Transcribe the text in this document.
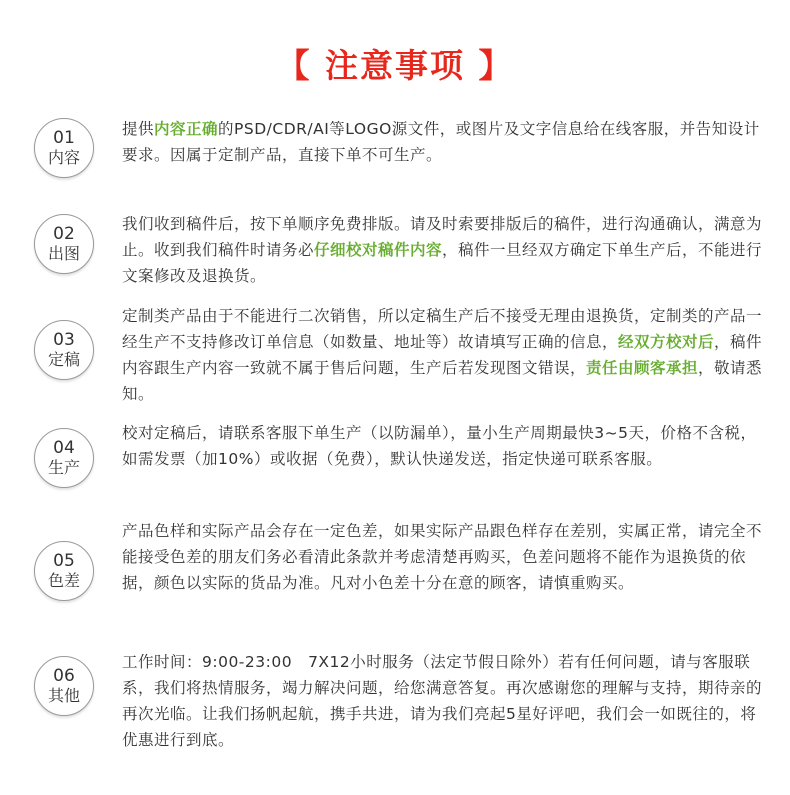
【 注意事项 】
01
内容
提供内容正确的PSD/CDR/AI等LOGO源文件，或图片及文字信息给在线客服，并告知设计要求。因属于定制产品，直接下单不可生产。
02
出图
我们收到稿件后，按下单顺序免费排版。请及时索要排版后的稿件，进行沟通确认，满意为止。收到我们稿件时请务必仔细校对稿件内容，稿件一旦经双方确定下单生产后，不能进行文案修改及退换货。
03
定稿
定制类产品由于不能进行二次销售，所以定稿生产后不接受无理由退换货，定制类的产品一经生产不支持修改订单信息（如数量、地址等）故请填写正确的信息，经双方校对后，稿件内容跟生产内容一致就不属于售后问题，生产后若发现图文错误，责任由顾客承担，敬请悉知。
04
生产
校对定稿后，请联系客服下单生产（以防漏单），量小生产周期最快3~5天，价格不含税，如需发票（加10%）或收据（免费），默认快递发送，指定快递可联系客服。
05
色差
产品色样和实际产品会存在一定色差，如果实际产品跟色样存在差别，实属正常，请完全不能接受色差的朋友们务必看清此条款并考虑清楚再购买，色差问题将不能作为退换货的依据，颜色以实际的货品为准。凡对小色差十分在意的顾客，请慎重购买。
06
其他
工作时间：9:00-23:00　7X12小时服务（法定节假日除外）若有任何问题，请与客服联系，我们将热情服务，竭力解决问题，给您满意答复。再次感谢您的理解与支持，期待亲的再次光临。让我们扬帆起航，携手共进，请为我们亮起5星好评吧，我们会一如既往的，将优惠进行到底。
